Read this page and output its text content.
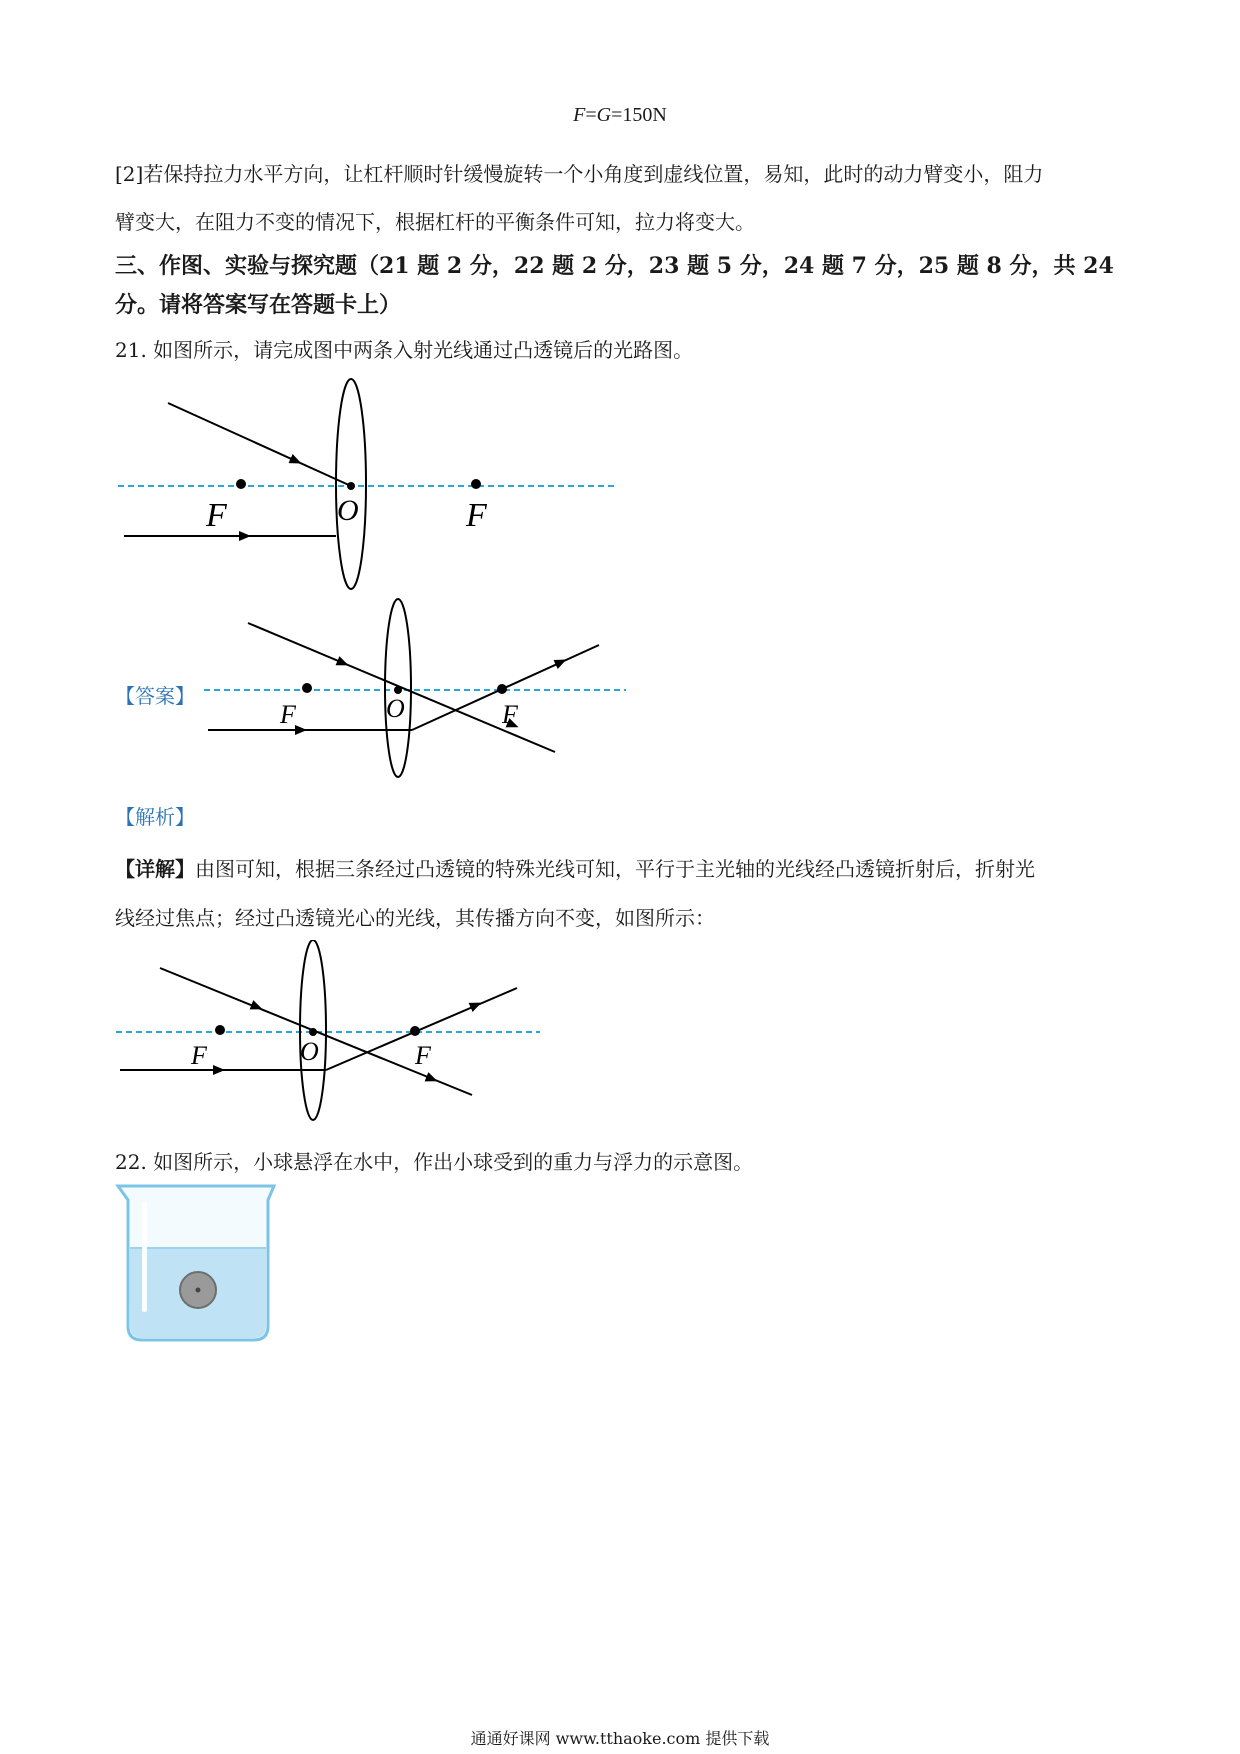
F=G=150N
[2]若保持拉力水平方向，让杠杆顺时针缓慢旋转一个小角度到虚线位置，易知，此时的动力臂变小，阻力
臂变大，在阻力不变的情况下，根据杠杆的平衡条件可知，拉力将变大。
三、作图、实验与探究题（21 题 2 分，22 题 2 分，23 题 5 分，24 题 7 分，25 题 8 分，共 24
分。请将答案写在答题卡上）
21. 如图所示，请完成图中两条入射光线通过凸透镜后的光路图。
F	O	F
【答案】
F	O	F
【解析】
【详解】由图可知，根据三条经过凸透镜的特殊光线可知，平行于主光轴的光线经凸透镜折射后，折射光
线经过焦点；经过凸透镜光心的光线，其传播方向不变，如图所示：
F	O	F
22. 如图所示，小球悬浮在水中，作出小球受到的重力与浮力的示意图。
通通好课网 www.tthaoke.com 提供下载
